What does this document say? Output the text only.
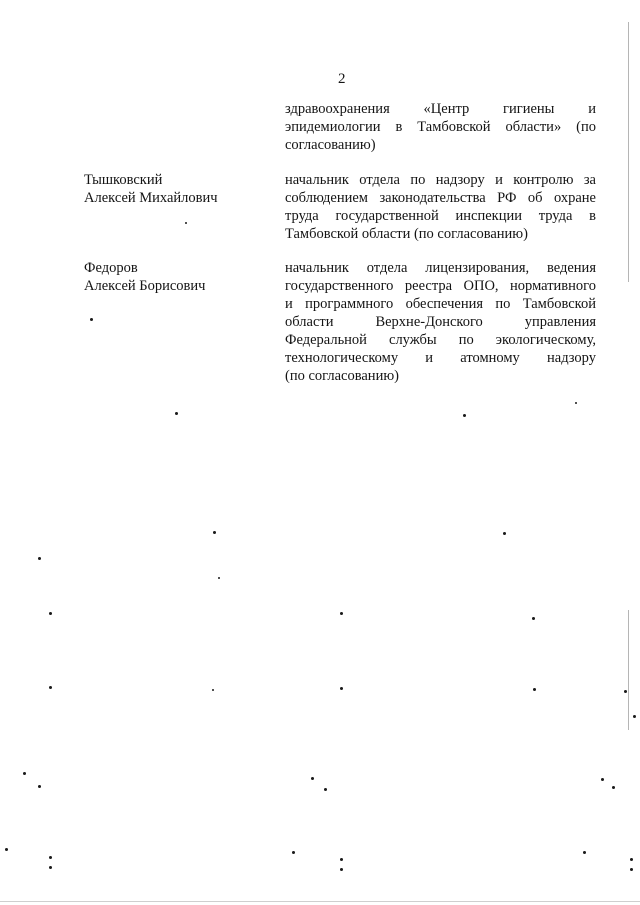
2
здравоохранения «Центр гигиены и
эпидемиологии в Тамбовской области» (по
согласованию)
Тышковский
Алексей Михайлович
начальник отдела по надзору и контролю за
соблюдением законодательства РФ об охране
труда государственной инспекции труда в
Тамбовской области (по согласованию)
Федоров
Алексей Борисович
начальник отдела лицензирования, ведения
государственного реестра ОПО, нормативного
и программного обеспечения по Тамбовской
области Верхне-Донского управления
Федеральной службы по экологическому,
технологическому и атомному надзору
(по согласованию)
